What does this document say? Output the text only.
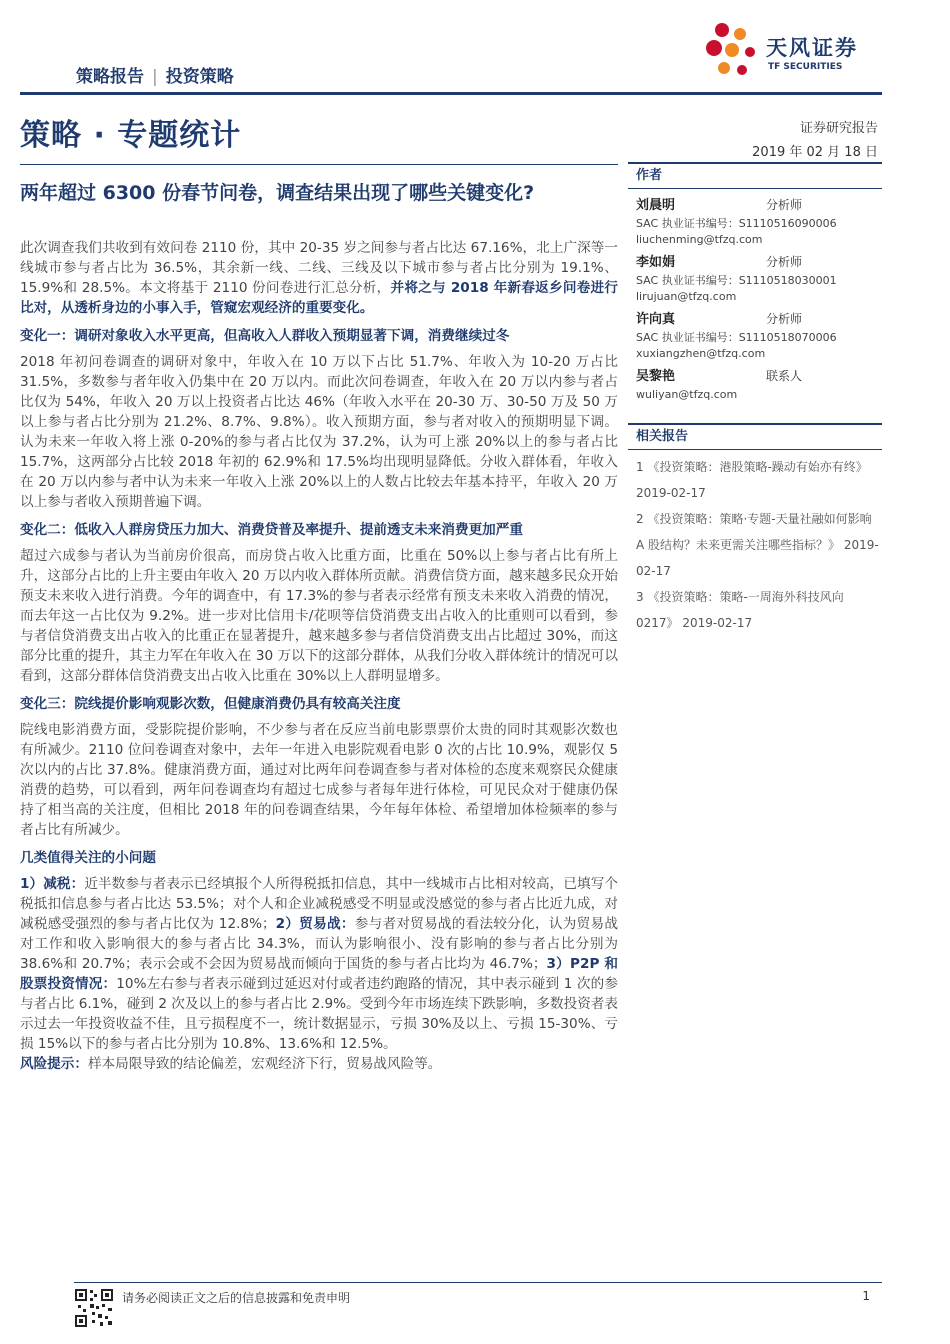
策略报告 | 投资策略
天风证券
TF SECURITIES
策略 · 专题统计	证券研究报告
2019 年 02 月 18 日
两年超过 6300 份春节问卷，调查结果出现了哪些关键变化?
作者
刘晨明	分析师
SAC 执业证书编号：S1110516090006
liuchenming@tfzq.com
李如娟	分析师
SAC 执业证书编号：S1110518030001
lirujuan@tfzq.com
许向真	分析师
SAC 执业证书编号：S1110518070006
xuxiangzhen@tfzq.com
吴黎艳	联系人
wuliyan@tfzq.com
相关报告
1 《投资策略：港股策略-躁动有始亦有终》 2019-02-17
2 《投资策略：策略·专题-天量社融如何影响 A 股结构？未来更需关注哪些指标？》 2019-02-17
3 《投资策略：策略-一周海外科技风向 0217》 2019-02-17

此次调查我们共收到有效问卷 2110 份，其中 20-35 岁之间参与者占比达 67.16%，北上广深等一线城市参与者占比为 36.5%，其余新一线、二线、三线及以下城市参与者占比分别为 19.1%、15.9%和 28.5%。本文将基于 2110 份问卷进行汇总分析，并将之与 2018 年新春返乡问卷进行比对，从透析身边的小事入手，管窥宏观经济的重要变化。

变化一：调研对象收入水平更高，但高收入人群收入预期显著下调，消费继续过冬

2018 年初问卷调查的调研对象中，年收入在 10 万以下占比 51.7%、年收入为 10-20 万占比 31.5%，多数参与者年收入仍集中在 20 万以内。而此次问卷调查，年收入在 20 万以内参与者占比仅为 54%，年收入 20 万以上投资者占比达 46%（年收入水平在 20-30 万、30-50 万及 50 万以上参与者占比分别为 21.2%、8.7%、9.8%）。收入预期方面，参与者对收入的预期明显下调。认为未来一年收入将上涨 0-20%的参与者占比仅为 37.2%，认为可上涨 20%以上的参与者占比 15.7%，这两部分占比较 2018 年初的 62.9%和 17.5%均出现明显降低。分收入群体看，年收入在 20 万以内参与者中认为未来一年收入上涨 20%以上的人数占比较去年基本持平，年收入 20 万以上参与者收入预期普遍下调。

变化二：低收入人群房贷压力加大、消费贷普及率提升、提前透支未来消费更加严重

超过六成参与者认为当前房价很高，而房贷占收入比重方面，比重在 50%以上参与者占比有所上升，这部分占比的上升主要由年收入 20 万以内收入群体所贡献。消费信贷方面，越来越多民众开始预支未来收入进行消费。今年的调查中，有 17.3%的参与者表示经常有预支未来收入消费的情况，而去年这一占比仅为 9.2%。进一步对比信用卡/花呗等信贷消费支出占收入的比重则可以看到，参与者信贷消费支出占收入的比重正在显著提升，越来越多参与者信贷消费支出占比超过 30%，而这部分比重的提升，其主力军在年收入在 30 万以下的这部分群体，从我们分收入群体统计的情况可以看到，这部分群体信贷消费支出占收入比重在 30%以上人群明显增多。

变化三：院线提价影响观影次数，但健康消费仍具有较高关注度

院线电影消费方面，受影院提价影响，不少参与者在反应当前电影票票价太贵的同时其观影次数也有所减少。2110 位问卷调查对象中，去年一年进入电影院观看电影 0 次的占比 10.9%，观影仅 5 次以内的占比 37.8%。健康消费方面，通过对比两年问卷调查参与者对体检的态度来观察民众健康消费的趋势，可以看到，两年问卷调查均有超过七成参与者每年进行体检，可见民众对于健康仍保持了相当高的关注度，但相比 2018 年的问卷调查结果，今年每年体检、希望增加体检频率的参与者占比有所减少。

几类值得关注的小问题

1）减税：近半数参与者表示已经填报个人所得税抵扣信息，其中一线城市占比相对较高，已填写个税抵扣信息参与者占比达 53.5%；对个人和企业减税感受不明显或没感觉的参与者占比近九成，对减税感受强烈的参与者占比仅为 12.8%；2）贸易战：参与者对贸易战的看法较分化，认为贸易战对工作和收入影响很大的参与者占比 34.3%，而认为影响很小、没有影响的参与者占比分别为 38.6%和 20.7%；表示会或不会因为贸易战而倾向于国货的参与者占比均为 46.7%；3）P2P 和股票投资情况：10%左右参与者表示碰到过延迟对付或者违约跑路的情况，其中表示碰到 1 次的参与者占比 6.1%，碰到 2 次及以上的参与者占比 2.9%。受到今年市场连续下跌影响，多数投资者表示过去一年投资收益不佳，且亏损程度不一，统计数据显示，亏损 30%及以上、亏损 15-30%、亏损 15%以下的参与者占比分别为 10.8%、13.6%和 12.5%。

风险提示：样本局限导致的结论偏差，宏观经济下行，贸易战风险等。

请务必阅读正文之后的信息披露和免责申明	1
